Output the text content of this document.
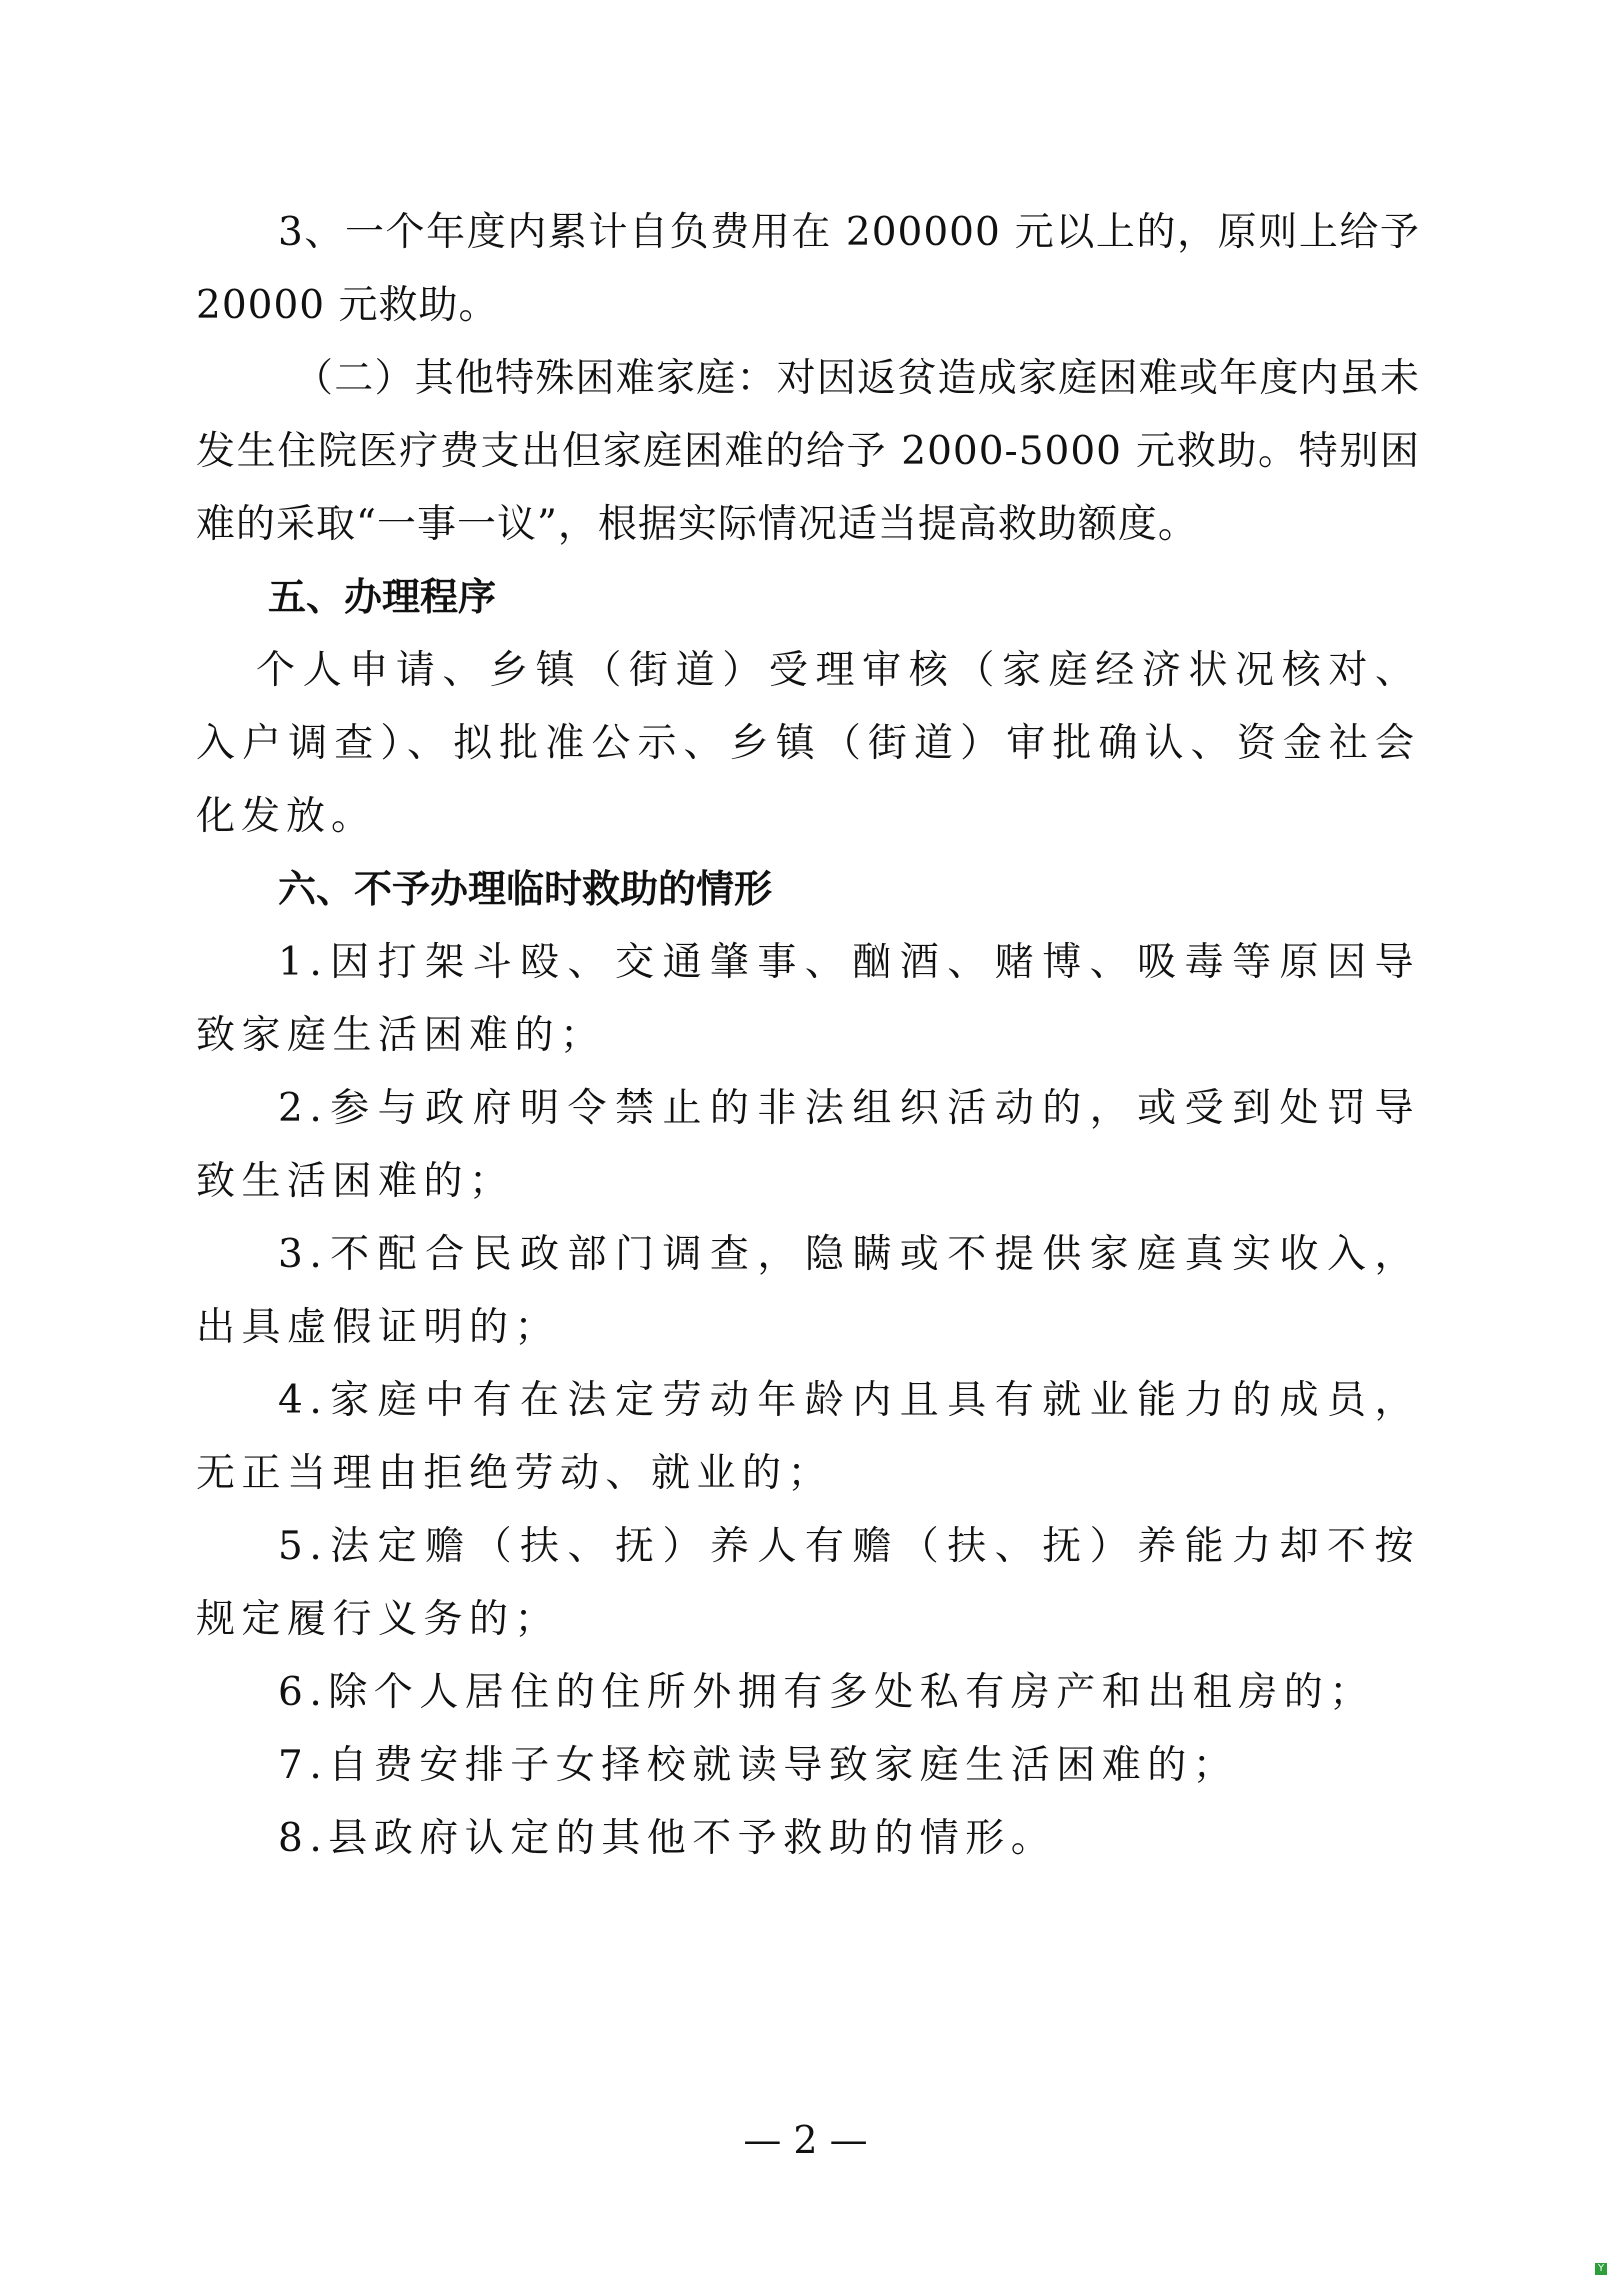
3、一个年度内累计自负费用在 200000 元以上的，原则上给予 20000 元救助。

（二）其他特殊困难家庭：对因返贫造成家庭困难或年度内虽未发生住院医疗费支出但家庭困难的给予 2000-5000 元救助。特别困难的采取“一事一议”，根据实际情况适当提高救助额度。

五、办理程序

个人申请、乡镇（街道）受理审核（家庭经济状况核对、入户调查）、拟批准公示、乡镇（街道）审批确认、资金社会化发放。

六、不予办理临时救助的情形

1.因打架斗殴、交通肇事、酗酒、赌博、吸毒等原因导致家庭生活困难的；

2.参与政府明令禁止的非法组织活动的，或受到处罚导致生活困难的；

3.不配合民政部门调查，隐瞒或不提供家庭真实收入，出具虚假证明的；

4.家庭中有在法定劳动年龄内且具有就业能力的成员，无正当理由拒绝劳动、就业的；

5.法定赡（扶、抚）养人有赡（扶、抚）养能力却不按规定履行义务的；

6.除个人居住的住所外拥有多处私有房产和出租房的；

7.自费安排子女择校就读导致家庭生活困难的；

8.县政府认定的其他不予救助的情形。

— 2 —
Y
